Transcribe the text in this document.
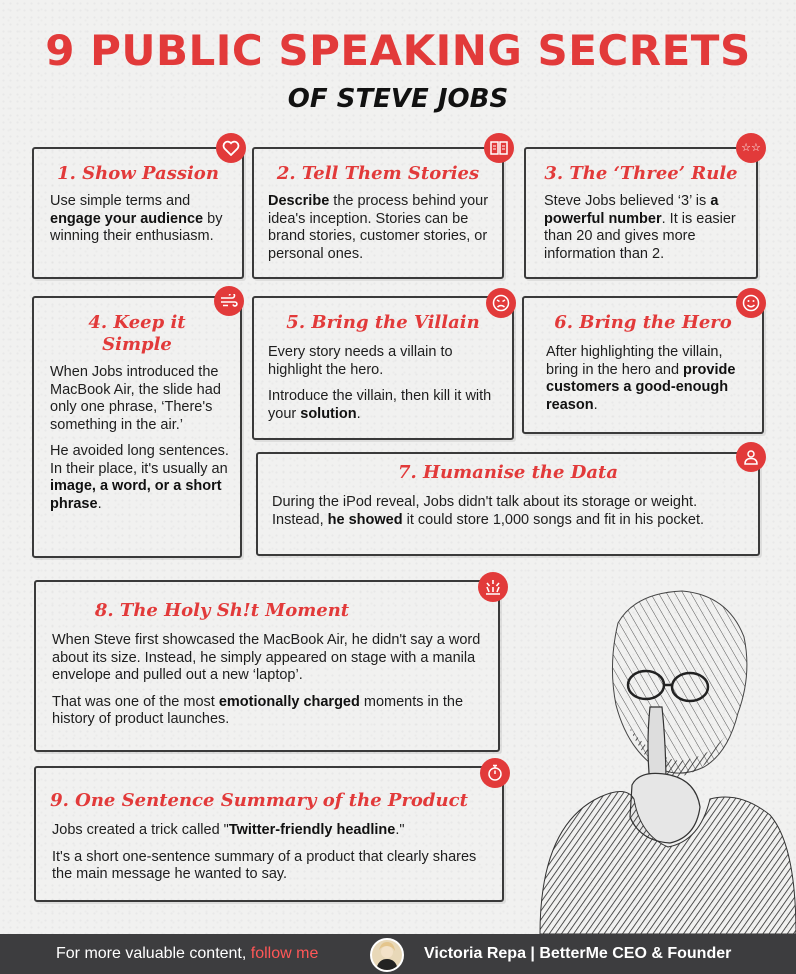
9 PUBLIC SPEAKING SECRETS
OF STEVE JOBS
1. Show Passion

Use simple terms and engage your audience by winning their enthusiasm.

2. Tell Them Stories

Describe the process behind your idea's inception. Stories can be brand stories, customer stories, or personal ones.

3. The ‘Three’ Rule

Steve Jobs believed ‘3’ is a powerful number. It is easier than 20 and gives more information than 2.

☆☆
4. Keep it Simple

When Jobs introduced the MacBook Air, the slide had only one phrase, ‘There's something in the air.’

He avoided long sentences. In their place, it's usually an image, a word, or a short phrase.

5. Bring the Villain

Every story needs a villain to highlight the hero.

Introduce the villain, then kill it with your solution.

6. Bring the Hero

After highlighting the villain, bring in the hero and provide customers a good-enough reason.

7. Humanise the Data

During the iPod reveal, Jobs didn't talk about its storage or weight. Instead, he showed it could store 1,000 songs and fit in his pocket.

8. The Holy Sh!t Moment

When Steve first showcased the MacBook Air, he didn't say a word about its size. Instead, he simply appeared on stage with a manila envelope and pulled out a new ‘laptop’.

That was one of the most emotionally charged moments in the history of product launches.

9. One Sentence Summary of the Product

Jobs created a trick called "Twitter-friendly headline."

It's a short one-sentence summary of a product that clearly shares the main message he wanted to say.

For more valuable content, follow me	Victoria Repa | BetterMe CEO & Founder
